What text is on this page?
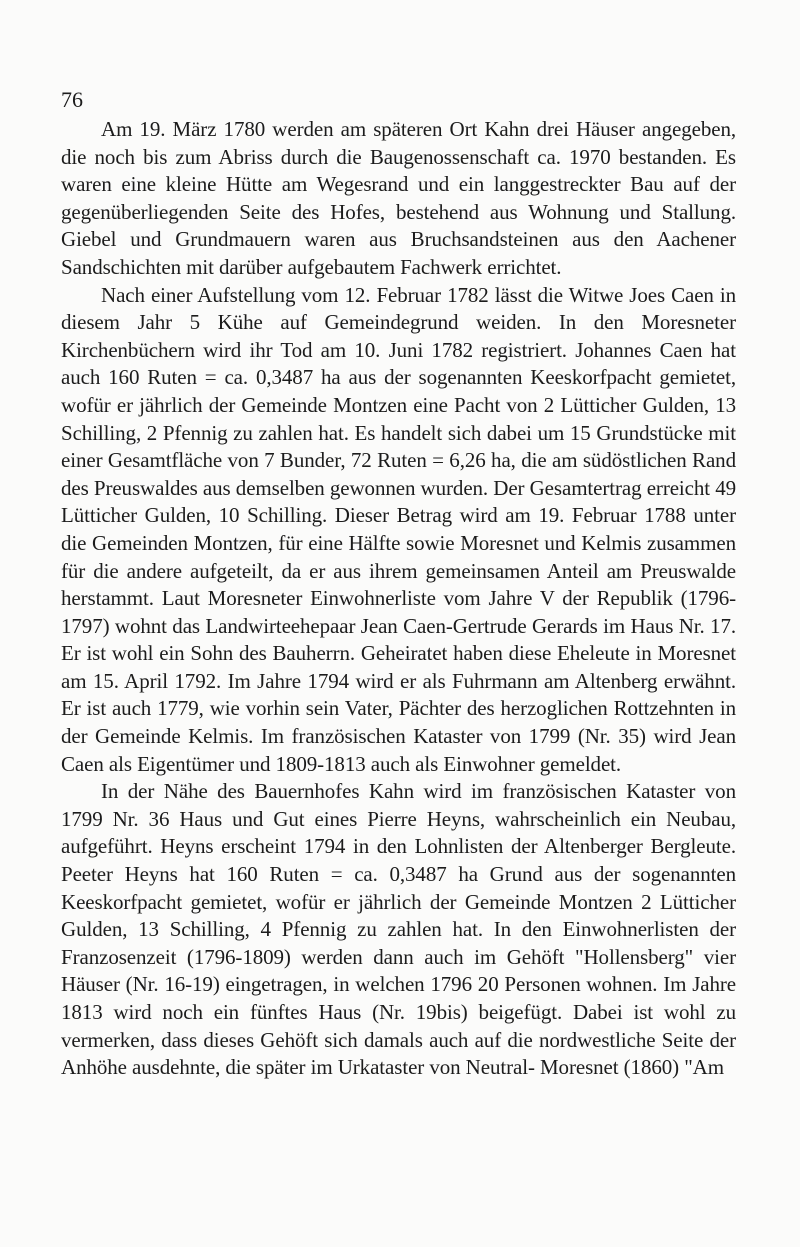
76

Am 19. März 1780 werden am späteren Ort Kahn drei Häuser angegeben, die noch bis zum Abriss durch die Baugenossenschaft ca. 1970 bestanden. Es waren eine kleine Hütte am Wegesrand und ein langgestreckter Bau auf der gegenüberliegenden Seite des Hofes, bestehend aus Wohnung und Stallung. Giebel und Grundmauern waren aus Bruchsandsteinen aus den Aachener Sandschichten mit darüber aufgebautem Fachwerk errichtet.

Nach einer Aufstellung vom 12. Februar 1782 lässt die Witwe Joes Caen in diesem Jahr 5 Kühe auf Gemeindegrund weiden. In den Moresneter Kirchenbüchern wird ihr Tod am 10. Juni 1782 registriert. Johannes Caen hat auch 160 Ruten = ca. 0,3487 ha aus der sogenannten Keeskorfpacht gemietet, wofür er jährlich der Gemeinde Montzen eine Pacht von 2 Lütticher Gulden, 13 Schilling, 2 Pfennig zu zahlen hat. Es handelt sich dabei um 15 Grundstücke mit einer Gesamtfläche von 7 Bunder, 72 Ruten = 6,26 ha, die am südöstlichen Rand des Preuswaldes aus demselben gewonnen wurden. Der Gesamtertrag erreicht 49 Lütticher Gulden, 10 Schilling. Dieser Betrag wird am 19. Februar 1788 unter die Gemeinden Montzen, für eine Hälfte sowie Moresnet und Kelmis zusammen für die andere aufgeteilt, da er aus ihrem gemeinsamen Anteil am Preuswalde herstammt. Laut Moresneter Einwohnerliste vom Jahre V der Republik (1796-1797) wohnt das Landwirteehepaar Jean Caen-Gertrude Gerards im Haus Nr. 17. Er ist wohl ein Sohn des Bauherrn. Geheiratet haben diese Eheleute in Moresnet am 15. April 1792. Im Jahre 1794 wird er als Fuhrmann am Altenberg erwähnt. Er ist auch 1779, wie vorhin sein Vater, Pächter des herzoglichen Rottzehnten in der Gemeinde Kelmis. Im französischen Kataster von 1799 (Nr. 35) wird Jean Caen als Eigentümer und 1809-1813 auch als Einwohner gemeldet.

In der Nähe des Bauernhofes Kahn wird im französischen Kataster von 1799 Nr. 36 Haus und Gut eines Pierre Heyns, wahrscheinlich ein Neubau, aufgeführt. Heyns erscheint 1794 in den Lohnlisten der Altenberger Bergleute. Peeter Heyns hat 160 Ruten = ca. 0,3487 ha Grund aus der sogenannten Keeskorfpacht gemietet, wofür er jährlich der Gemeinde Montzen 2 Lütticher Gulden, 13 Schilling, 4 Pfennig zu zahlen hat. In den Einwohnerlisten der Franzosenzeit (1796-1809) werden dann auch im Gehöft "Hollensberg" vier Häuser (Nr. 16-19) eingetragen, in welchen 1796 20 Personen wohnen. Im Jahre 1813 wird noch ein fünftes Haus (Nr. 19bis) beigefügt. Dabei ist wohl zu vermerken, dass dieses Gehöft sich damals auch auf die nordwestliche Seite der Anhöhe ausdehnte, die später im Urkataster von Neutral- Moresnet (1860) "Am
